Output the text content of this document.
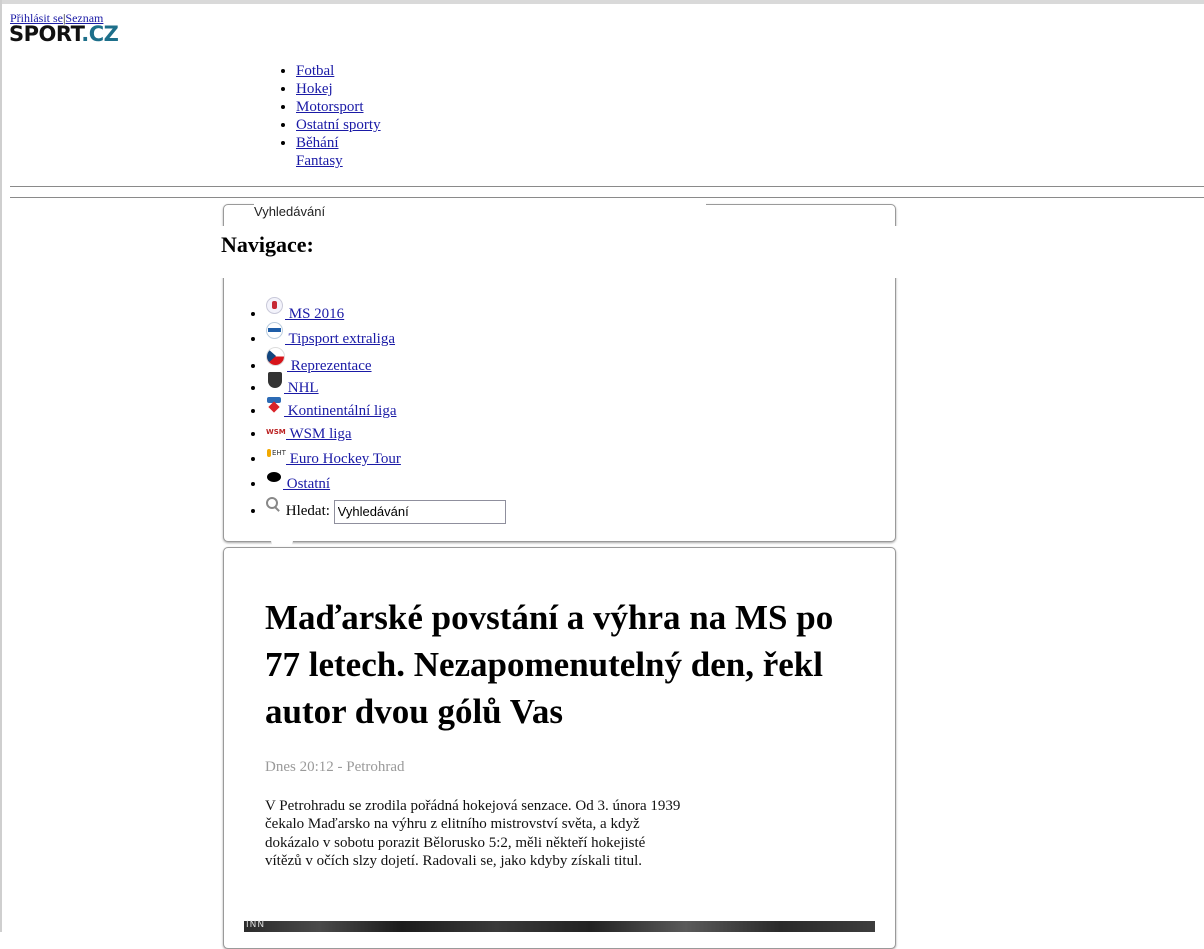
Přihlásit se|Seznam
SPORT.CZ
• Fotbal
• Hokej
• Motorsport
• Ostatní sporty
• Běhání
Fantasy
Vyhledávání
Navigace:
• MS 2016
• Tipsport extraliga
• Reprezentace
• NHL
• Kontinentální liga
• WSM WSM liga
• EHT Euro Hockey Tour
• Ostatní
• Hledat: Vyhledávání
Maďarské povstání a výhra na MS po 77 letech. Nezapomenutelný den, řekl autor dvou gólů Vas
Dnes 20:12 - Petrohrad

V Petrohradu se zrodila pořádná hokejová senzace. Od 3. února 1939 čekalo Maďarsko na výhru z elitního mistrovství světa, a když dokázalo v sobotu porazit Bělorusko 5:2, měli někteří hokejisté vítězů v očích slzy dojetí. Radovali se, jako kdyby získali titul.

INN
